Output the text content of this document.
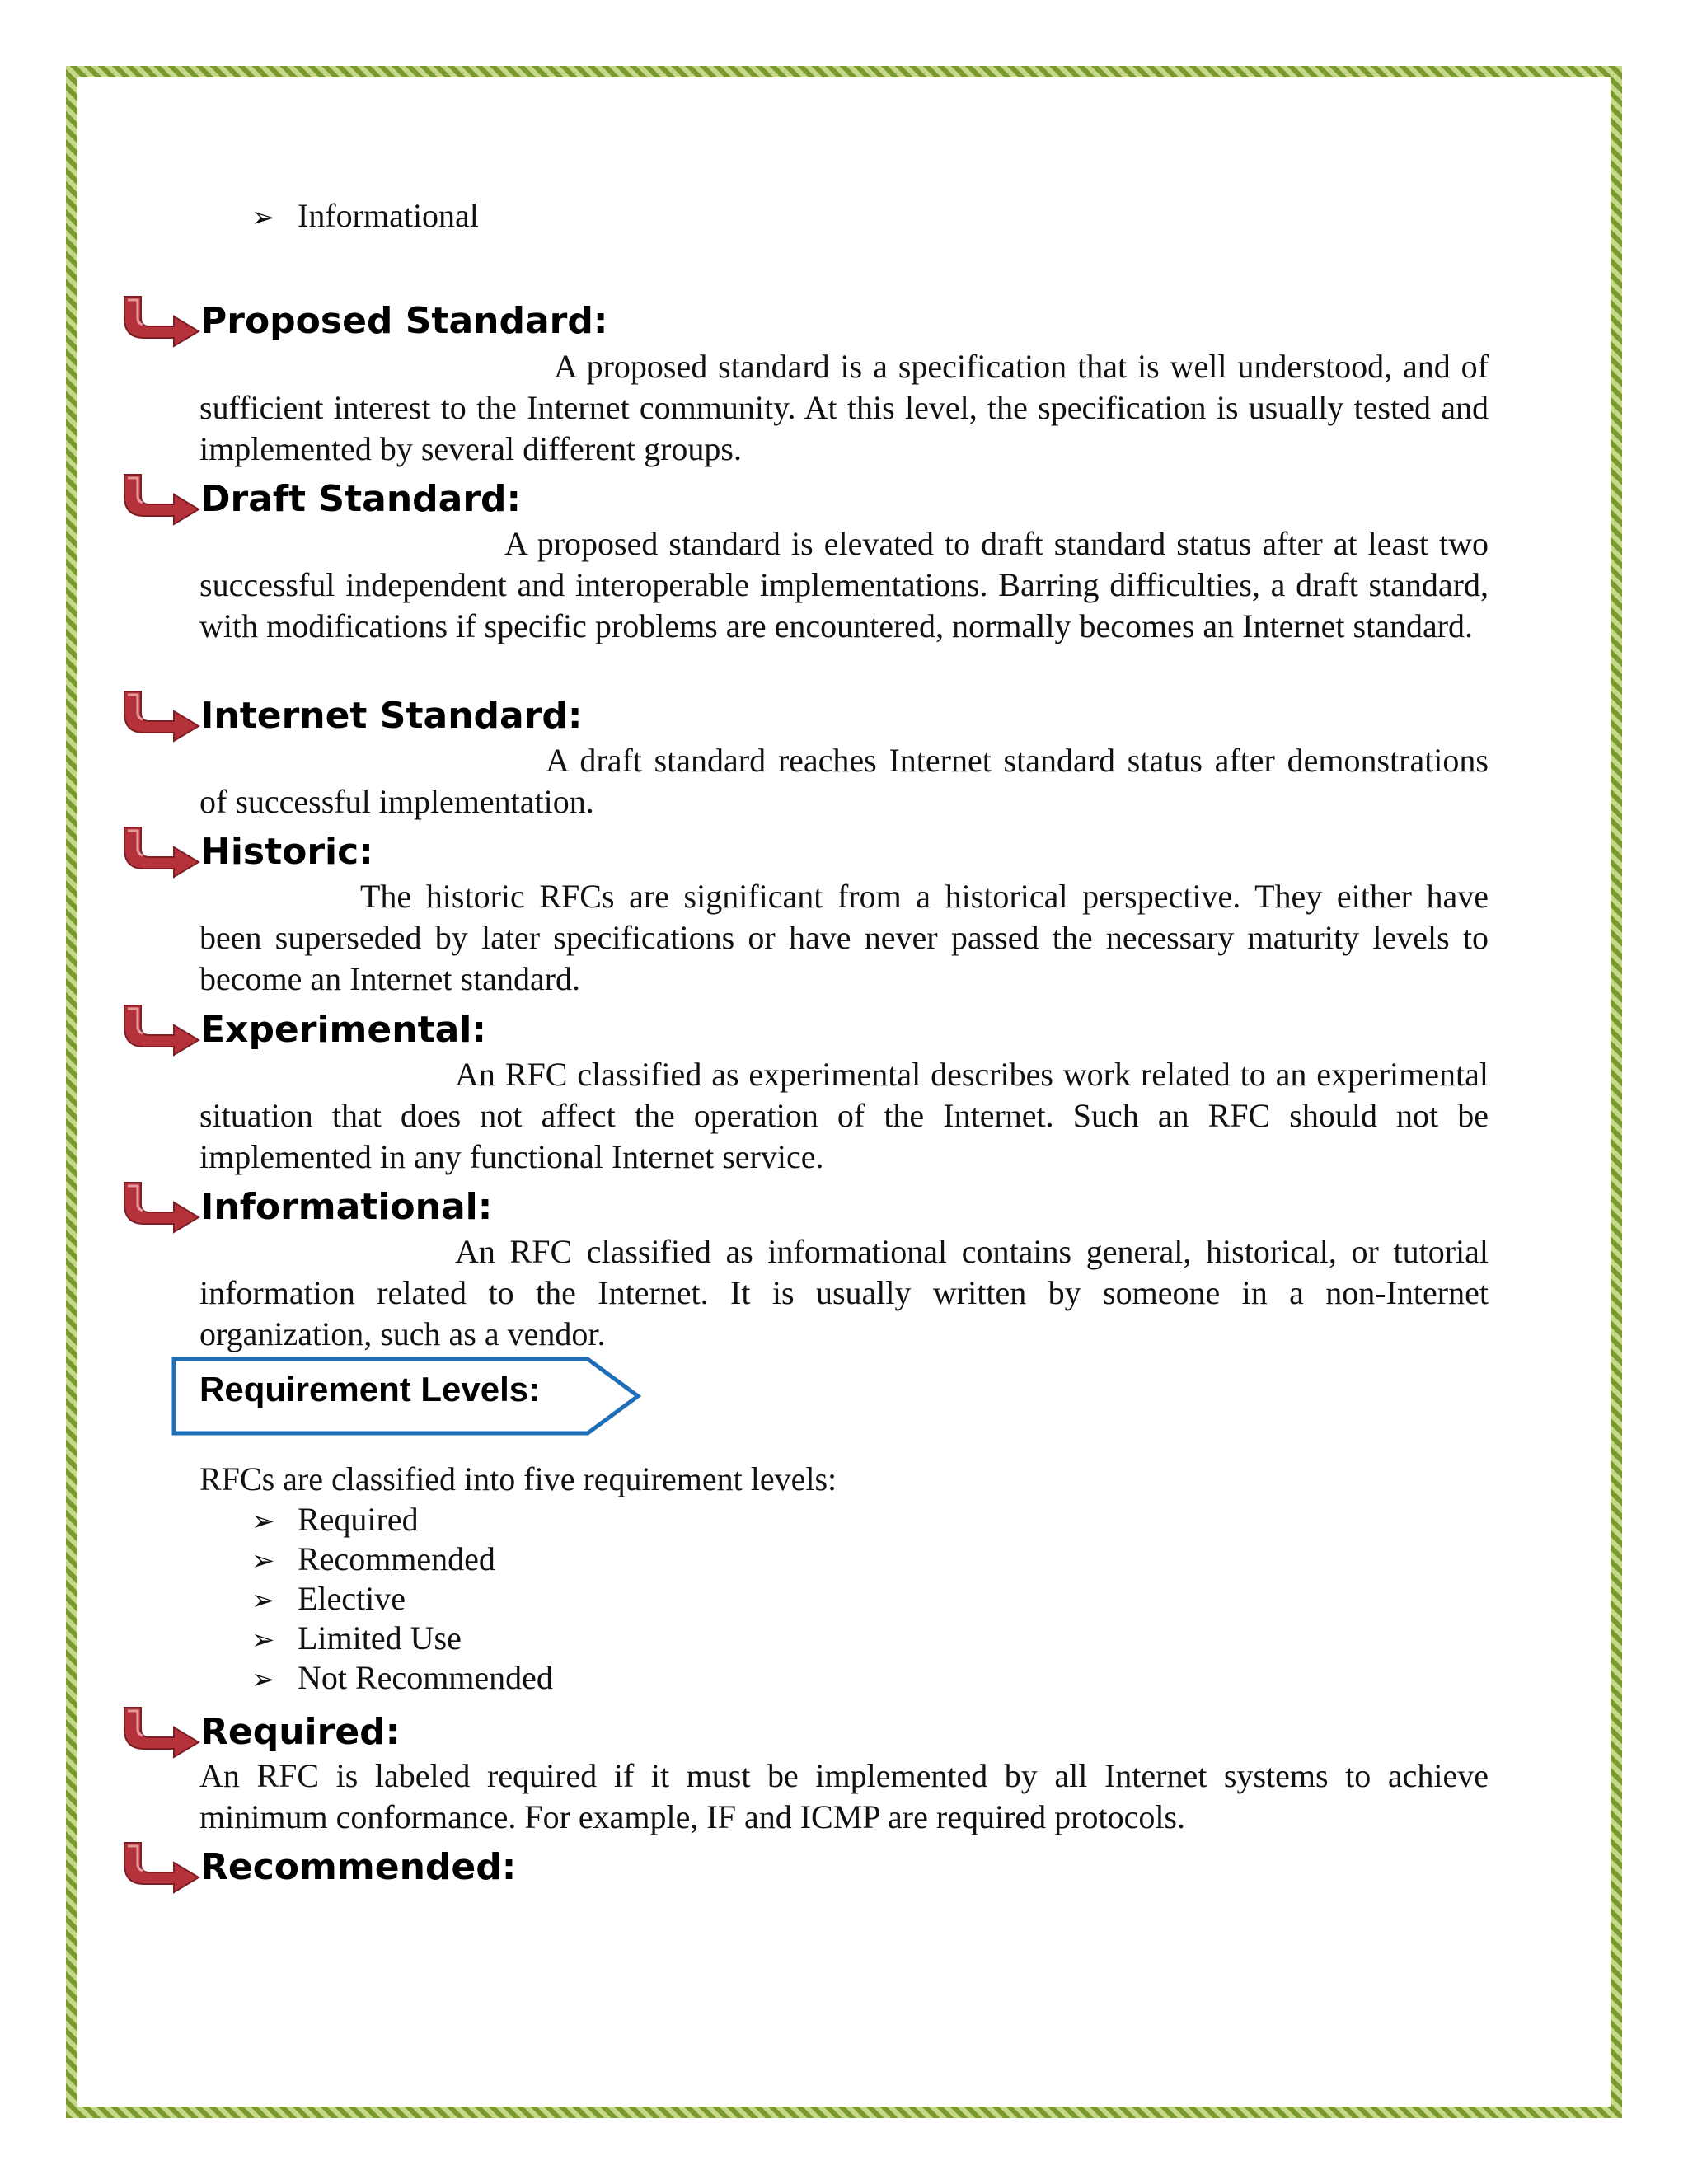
➢ Informational
Proposed Standard:
A proposed standard is a specification that is well understood, and of sufficient interest to the Internet community. At this level, the specification is usually tested and implemented by several different groups.
Draft Standard:
A proposed standard is elevated to draft standard status after at least two successful independent and interoperable implementations. Barring difficulties, a draft standard, with modifications if specific problems are encountered, normally becomes an Internet standard.
Internet Standard:
A draft standard reaches Internet standard status after demonstrations of successful implementation.
Historic:
The historic RFCs are significant from a historical perspective. They either have been superseded by later specifications or have never passed the necessary maturity levels to become an Internet standard.
Experimental:
An RFC classified as experimental describes work related to an experimental situation that does not affect the operation of the Internet. Such an RFC should not be implemented in any functional Internet service.
Informational:
An RFC classified as informational contains general, historical, or tutorial information related to the Internet. It is usually written by someone in a non-Internet organization, such as a vendor.
Requirement Levels:
RFCs are classified into five requirement levels:
➢ Required
➢ Recommended
➢ Elective
➢ Limited Use
➢ Not Recommended
Required:
An RFC is labeled required if it must be implemented by all Internet systems to achieve minimum conformance. For example, IF and ICMP are required protocols.
Recommended:
